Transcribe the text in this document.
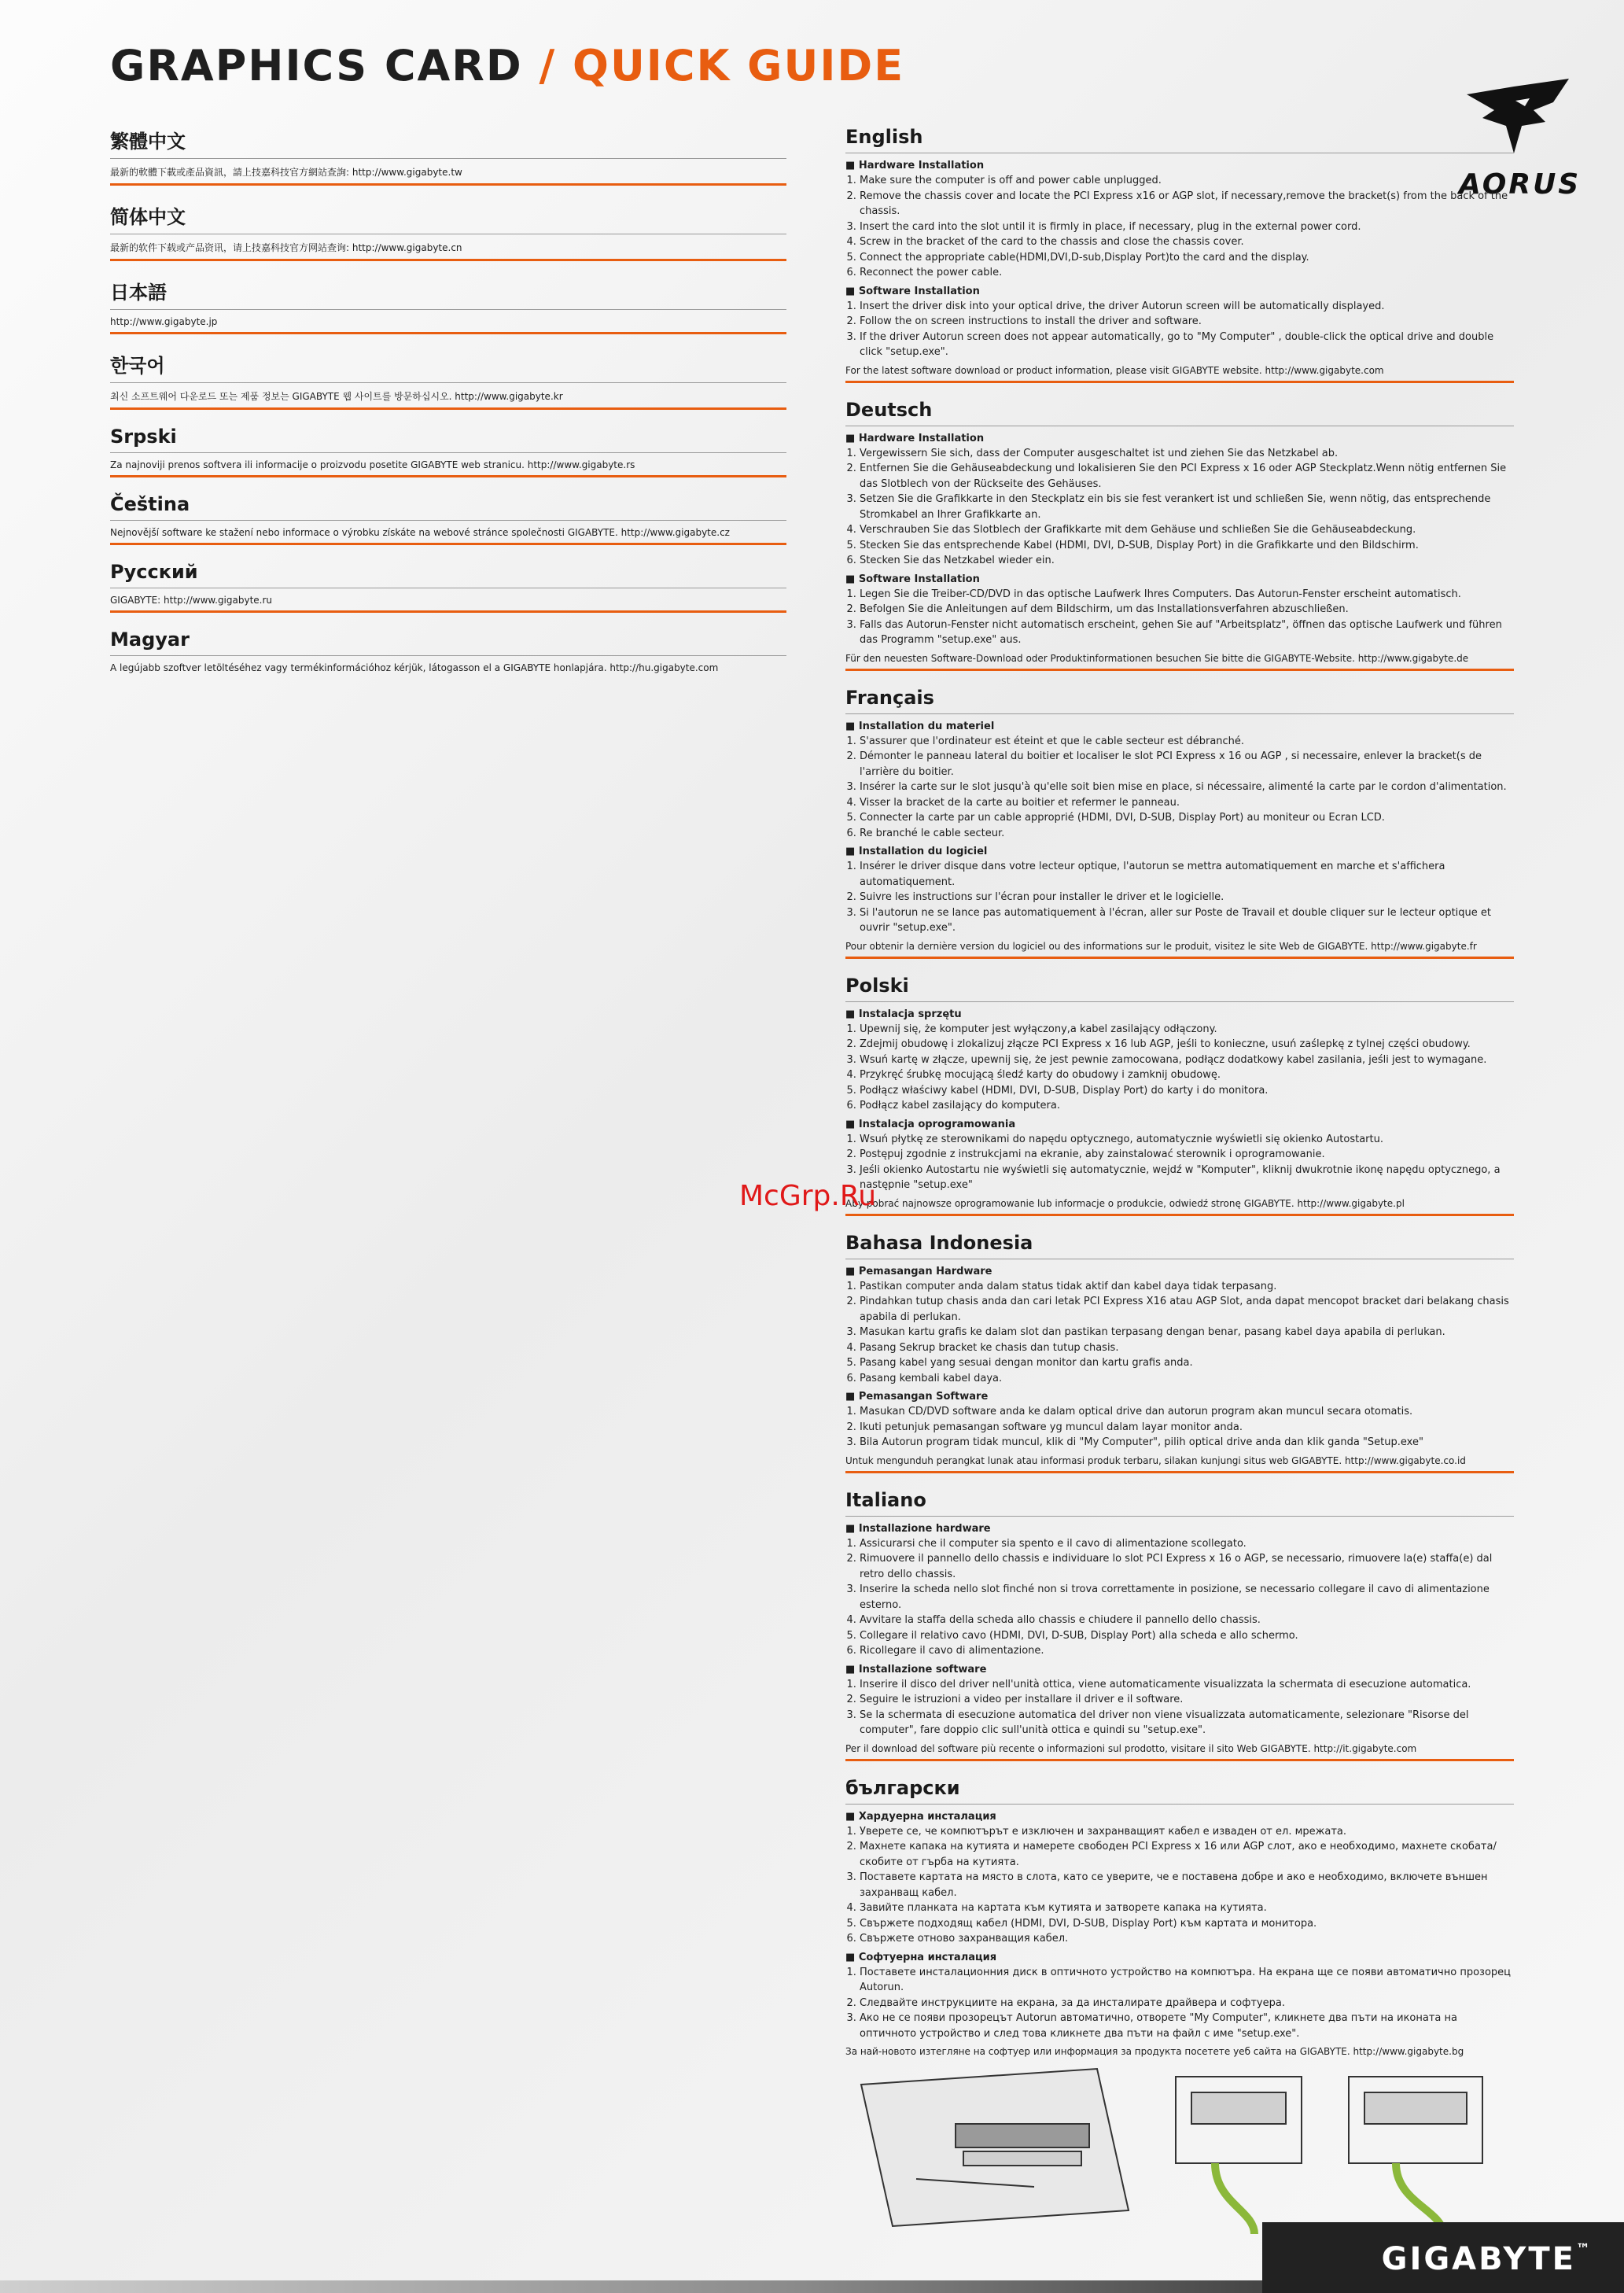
GRAPHICS CARD / QUICK GUIDE
AORUS
繁體中文
最新的軟體下載或產品資訊，請上技嘉科技官方網站查詢: http://www.gigabyte.tw
简体中文
最新的软件下载或产品资讯，请上技嘉科技官方网站查询: http://www.gigabyte.cn
日本語
http://www.gigabyte.jp
한국어
최신 소프트웨어 다운로드 또는 제품 정보는 GIGABYTE 웹 사이트를 방문하십시오. http://www.gigabyte.kr
Srpski
Za najnoviji prenos softvera ili informacije o proizvodu posetite GIGABYTE web stranicu. http://www.gigabyte.rs
Čeština
Nejnovější software ke stažení nebo informace o výrobku získáte na webové stránce společnosti GIGABYTE. http://www.gigabyte.cz
Русский
GIGABYTE: http://www.gigabyte.ru
Magyar
A legújabb szoftver letöltéséhez vagy termékinformációhoz kérjük, látogasson el a GIGABYTE honlapjára. http://hu.gigabyte.com
English
■ Hardware Installation
1. Make sure the computer is off and power cable unplugged.
2. Remove the chassis cover and locate the PCI Express x16 or AGP slot, if necessary,remove the bracket(s) from the back of the chassis.
3. Insert the card into the slot until it is firmly in place, if necessary, plug in the external power cord.
4. Screw in the bracket of the card to the chassis and close the chassis cover.
5. Connect the appropriate cable(HDMI,DVI,D-sub,Display Port)to the card and the display.
6. Reconnect the power cable.
■ Software Installation
1. Insert the driver disk into your optical drive, the driver Autorun screen will be automatically displayed.
2. Follow the on screen instructions to install the driver and software.
3. If the driver Autorun screen does not appear automatically, go to "My Computer" , double-click the optical drive and double click "setup.exe".
For the latest software download or product information, please visit GIGABYTE website. http://www.gigabyte.com
Deutsch
■ Hardware Installation
1. Vergewissern Sie sich, dass der Computer ausgeschaltet ist und ziehen Sie das Netzkabel ab.
2. Entfernen Sie die Gehäuseabdeckung und lokalisieren Sie den PCI Express x 16 oder AGP Steckplatz.Wenn nötig entfernen Sie das Slotblech von der Rückseite des Gehäuses.
3. Setzen Sie die Grafikkarte in den Steckplatz ein bis sie fest verankert ist und schließen Sie, wenn nötig, das entsprechende Stromkabel an Ihrer Grafikkarte an.
4. Verschrauben Sie das Slotblech der Grafikkarte mit dem Gehäuse und schließen Sie die Gehäuseabdeckung.
5. Stecken Sie das entsprechende Kabel (HDMI, DVI, D-SUB, Display Port) in die Grafikkarte und den Bildschirm.
6. Stecken Sie das Netzkabel wieder ein.
■ Software Installation
1. Legen Sie die Treiber-CD/DVD in das optische Laufwerk Ihres Computers. Das Autorun-Fenster erscheint automatisch.
2. Befolgen Sie die Anleitungen auf dem Bildschirm, um das Installationsverfahren abzuschließen.
3. Falls das Autorun-Fenster nicht automatisch erscheint, gehen Sie auf "Arbeitsplatz", öffnen das optische Laufwerk und führen das Programm "setup.exe" aus.
Für den neuesten Software-Download oder Produktinformationen besuchen Sie bitte die GIGABYTE-Website. http://www.gigabyte.de
Français
■ Installation du materiel
1. S'assurer que l'ordinateur est éteint et que le cable secteur est débranché.
2. Démonter le panneau lateral du boitier et localiser le slot PCI Express x 16 ou AGP , si necessaire, enlever la bracket(s de l'arrière du boitier.
3. Insérer la carte sur le slot jusqu'à qu'elle soit bien mise en place, si nécessaire, alimenté la carte par le cordon d'alimentation.
4. Visser la bracket de la carte au boitier et refermer le panneau.
5. Connecter la carte par un cable approprié (HDMI, DVI, D-SUB, Display Port) au moniteur ou Ecran LCD.
6. Re branché le cable secteur.
■ Installation du logiciel
1. Insérer le driver disque dans votre lecteur optique, l'autorun se mettra automatiquement en marche et s'affichera automatiquement.
2. Suivre les instructions sur l'écran pour installer le driver et le logicielle.
3. Si l'autorun ne se lance pas automatiquement à l'écran, aller sur Poste de Travail et double cliquer sur le lecteur optique et ouvrir "setup.exe".
Pour obtenir la dernière version du logiciel ou des informations sur le produit, visitez le site Web de GIGABYTE. http://www.gigabyte.fr
Polski
■ Instalacja sprzętu
1. Upewnij się, że komputer jest wyłączony,a kabel zasilający odłączony.
2. Zdejmij obudowę i zlokalizuj złącze PCI Express x 16 lub AGP, jeśli to konieczne, usuń zaślepkę z tylnej części obudowy.
3. Wsuń kartę w złącze, upewnij się, że jest pewnie zamocowana, podłącz dodatkowy kabel zasilania, jeśli jest to wymagane.
4. Przykręć śrubkę mocującą śledź karty do obudowy i zamknij obudowę.
5. Podłącz właściwy kabel (HDMI, DVI, D-SUB, Display Port) do karty i do monitora.
6. Podłącz kabel zasilający do komputera.
■ Instalacja oprogramowania
1. Wsuń płytkę ze sterownikami do napędu optycznego, automatycznie wyświetli się okienko Autostartu.
2. Postępuj zgodnie z instrukcjami na ekranie, aby zainstalować sterownik i oprogramowanie.
3. Jeśli okienko Autostartu nie wyświetli się automatycznie, wejdź w "Komputer", kliknij dwukrotnie ikonę napędu optycznego, a następnie "setup.exe"
Aby pobrać najnowsze oprogramowanie lub informacje o produkcie, odwiedź stronę GIGABYTE. http://www.gigabyte.pl
Bahasa Indonesia
■ Pemasangan Hardware
1. Pastikan computer anda dalam status tidak aktif dan kabel daya tidak terpasang.
2. Pindahkan tutup chasis anda dan cari letak PCI Express X16 atau AGP Slot, anda dapat mencopot bracket dari belakang chasis apabila di perlukan.
3. Masukan kartu grafis ke dalam slot dan pastikan terpasang dengan benar, pasang kabel daya apabila di perlukan.
4. Pasang Sekrup bracket ke chasis dan tutup chasis.
5. Pasang kabel yang sesuai dengan monitor dan kartu grafis anda.
6. Pasang kembali kabel daya.
■ Pemasangan Software
1. Masukan CD/DVD software anda ke dalam optical drive dan autorun program akan muncul secara otomatis.
2. Ikuti petunjuk pemasangan software yg muncul dalam layar monitor anda.
3. Bila Autorun program tidak muncul, klik di "My Computer", pilih optical drive anda dan klik ganda "Setup.exe"
Untuk mengunduh perangkat lunak atau informasi produk terbaru, silakan kunjungi situs web GIGABYTE. http://www.gigabyte.co.id
Italiano
■ Installazione hardware
1. Assicurarsi che il computer sia spento e il cavo di alimentazione scollegato.
2. Rimuovere il pannello dello chassis e individuare lo slot PCI Express x 16 o AGP, se necessario, rimuovere la(e) staffa(e) dal retro dello chassis.
3. Inserire la scheda nello slot finché non si trova correttamente in posizione, se necessario collegare il cavo di alimentazione esterno.
4. Avvitare la staffa della scheda allo chassis e chiudere il pannello dello chassis.
5. Collegare il relativo cavo (HDMI, DVI, D-SUB, Display Port) alla scheda e allo schermo.
6. Ricollegare il cavo di alimentazione.
■ Installazione software
1. Inserire il disco del driver nell'unità ottica, viene automaticamente visualizzata la schermata di esecuzione automatica.
2. Seguire le istruzioni a video per installare il driver e il software.
3. Se la schermata di esecuzione automatica del driver non viene visualizzata automaticamente, selezionare "Risorse del computer", fare doppio clic sull'unità ottica e quindi su "setup.exe".
Per il download del software più recente o informazioni sul prodotto, visitare il sito Web GIGABYTE. http://it.gigabyte.com
български
■ Хардуерна инсталация
1. Уверете се, че компютърът е изключен и захранващият кабел е изваден от ел. мрежата.
2. Махнете капака на кутията и намерете свободен PCI Express x 16 или AGP слот, ако е необходимо, махнете скобата/скобите от гърба на кутията.
3. Поставете картата на място в слота, като се уверите, че е поставена добре и ако е необходимо, включете външен захранващ кабел.
4. Завийте планката на картата към кутията и затворете капака на кутията.
5. Свържете подходящ кабел (HDMI, DVI, D-SUB, Display Port) към картата и монитора.
6. Свържете отново захранващия кабел.
■ Софтуерна инсталация
1. Поставете инсталационния диск в оптичното устройство на компютъра. На екрана ще се появи автоматично прозорец Autorun.
2. Следвайте инструкциите на екрана, за да инсталирате драйвера и софтуера.
3. Ако не се появи прозорецът Autorun автоматично, отворете "My Computer", кликнете два пъти на иконата на оптичното устройство и след това кликнете два пъти на файл с име "setup.exe".
За най-новото изтегляне на софтуер или информация за продукта посетете уеб сайта на GIGABYTE. http://www.gigabyte.bg
McGrp.Ru
GIGABYTE™
